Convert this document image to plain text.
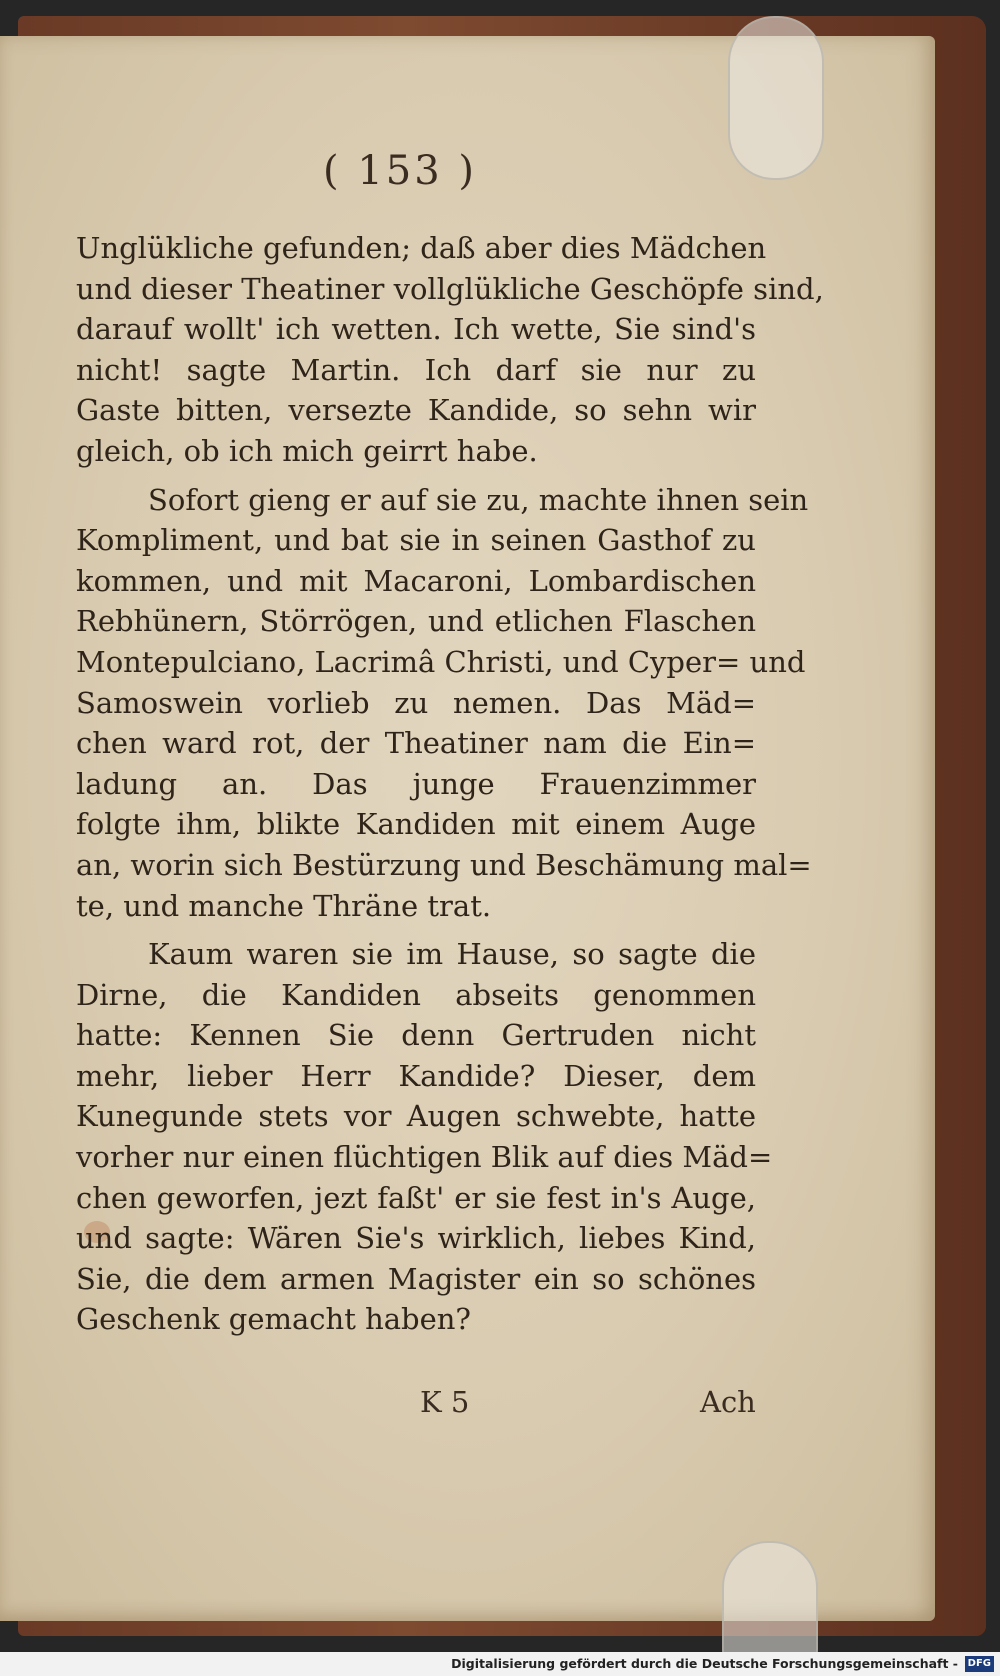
( 153 )
Unglükliche gefunden; daß aber dies Mädchen
und dieser Theatiner vollglükliche Geschöpfe sind,
darauf wollt' ich wetten. Ich wette, Sie sind's
nicht! sagte Martin. Ich darf sie nur zu
Gaste bitten, versezte Kandide, so sehn wir
gleich, ob ich mich geirrt habe.
Sofort gieng er auf sie zu, machte ihnen sein
Kompliment, und bat sie in seinen Gasthof zu
kommen, und mit Macaroni, Lombardischen
Rebhünern, Störrögen, und etlichen Flaschen
Montepulciano, Lacrimâ Christi, und Cyper= und
Samoswein vorlieb zu nemen. Das Mäd=
chen ward rot, der Theatiner nam die Ein=
ladung an. Das junge Frauenzimmer
folgte ihm, blikte Kandiden mit einem Auge
an, worin sich Bestürzung und Beschämung mal=
te, und manche Thräne trat.
Kaum waren sie im Hause, so sagte die
Dirne, die Kandiden abseits genommen
hatte: Kennen Sie denn Gertruden nicht
mehr, lieber Herr Kandide? Dieser, dem
Kunegunde stets vor Augen schwebte, hatte
vorher nur einen flüchtigen Blik auf dies Mäd=
chen geworfen, jezt faßt' er sie fest in's Auge,
und sagte: Wären Sie's wirklich, liebes Kind,
Sie, die dem armen Magister ein so schönes
Geschenk gemacht haben?
K 5	Ach
Digitalisierung gefördert durch die Deutsche Forschungsgemeinschaft - DFG
